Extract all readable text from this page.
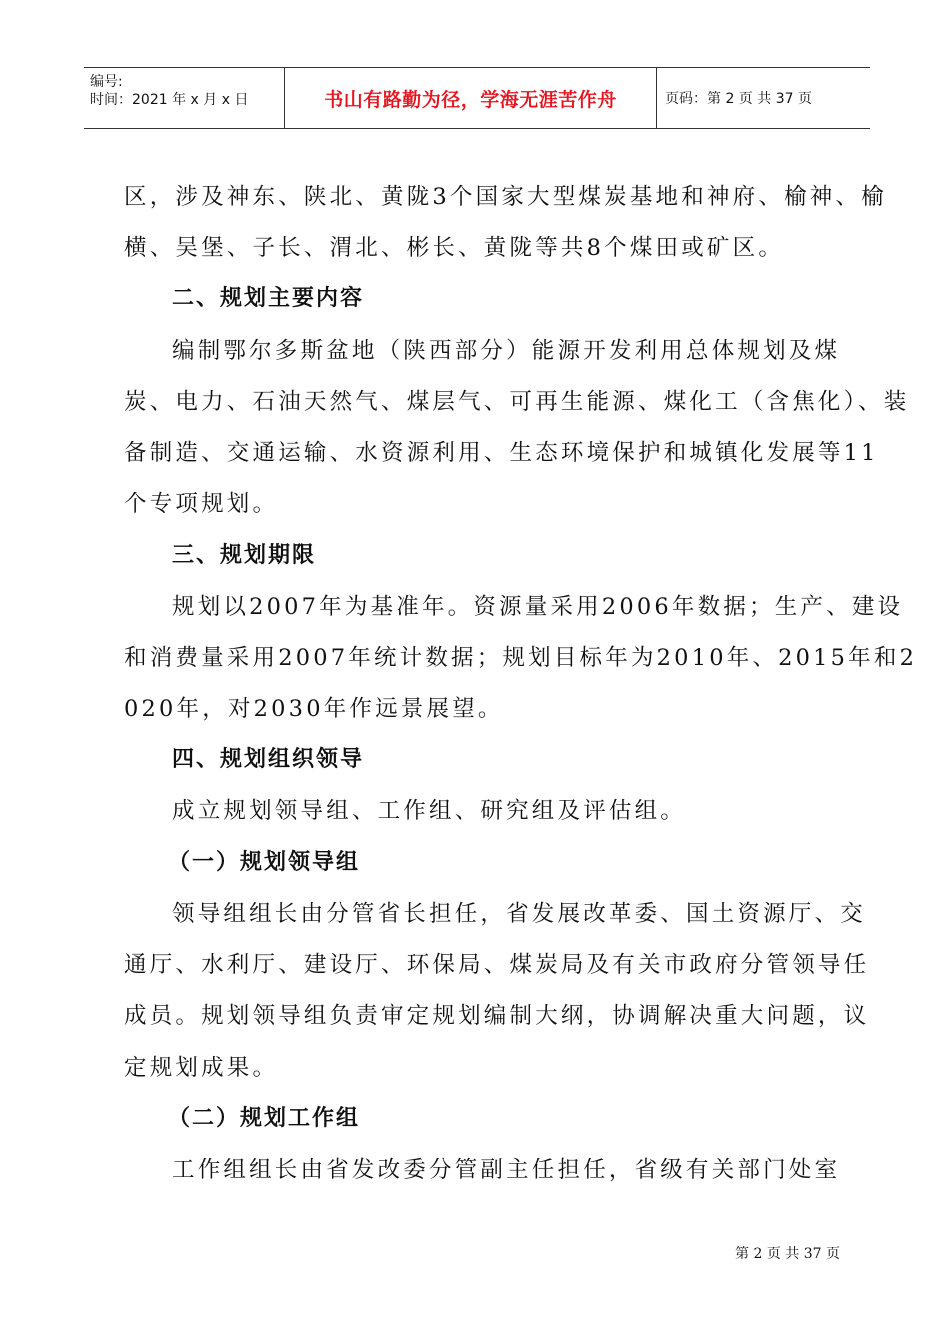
编号:
时间：2021 年 x 月 x 日	书山有路勤为径，学海无涯苦作舟	页码：第 2 页 共 37 页
区，涉及神东、陕北、黄陇3个国家大型煤炭基地和神府、榆神、榆
横、吴堡、子长、渭北、彬长、黄陇等共8个煤田或矿区。
二、规划主要内容
编制鄂尔多斯盆地（陕西部分）能源开发利用总体规划及煤
炭、电力、石油天然气、煤层气、可再生能源、煤化工（含焦化）、装
备制造、交通运输、水资源利用、生态环境保护和城镇化发展等11
个专项规划。
三、规划期限
规划以2007年为基准年。资源量采用2006年数据；生产、建设
和消费量采用2007年统计数据；规划目标年为2010年、2015年和2
020年，对2030年作远景展望。
四、规划组织领导
成立规划领导组、工作组、研究组及评估组。
（一）规划领导组
领导组组长由分管省长担任，省发展改革委、国土资源厅、交
通厅、水利厅、建设厅、环保局、煤炭局及有关市政府分管领导任
成员。规划领导组负责审定规划编制大纲，协调解决重大问题，议
定规划成果。
（二）规划工作组
工作组组长由省发改委分管副主任担任，省级有关部门处室
第 2 页 共 37 页
